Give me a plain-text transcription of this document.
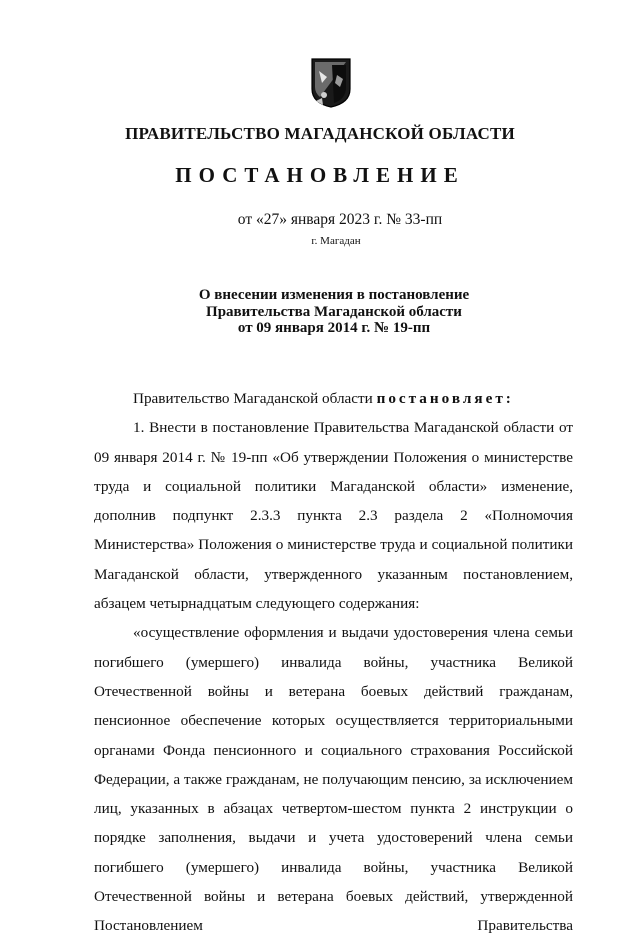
ПРАВИТЕЛЬСТВО МАГАДАНСКОЙ ОБЛАСТИ
ПОСТАНОВЛЕНИЕ
от «27» января 2023 г. № 33-пп
г. Магадан
О внесении изменения в постановление
Правительства Магаданской области
от 09 января 2014 г. № 19-пп

Правительство Магаданской области постановляет:

1. Внести в постановление Правительства Магаданской области от 09 января 2014 г. № 19-пп «Об утверждении Положения о министерстве труда и социальной политики Магаданской области» изменение, дополнив подпункт 2.3.3 пункта 2.3 раздела 2 «Полномочия Министерства» Положения о министерстве труда и социальной политики Магаданской области, утвержденного указанным постановлением, абзацем четырнадцатым следующего содержания:

«осуществление оформления и выдачи удостоверения члена семьи погибшего (умершего) инвалида войны, участника Великой Отечественной войны и ветерана боевых действий гражданам, пенсионное обеспечение которых осуществляется территориальными органами Фонда пенсионного и социального страхования Российской Федерации, а также гражданам, не получающим пенсию, за исключением лиц, указанных в абзацах четвертом-шестом пункта 2 инструкции о порядке заполнения, выдачи и учета удостоверений члена семьи погибшего (умершего) инвалида войны, участника Великой Отечественной войны и ветерана боевых действий, утвержденной Постановлением Правительства
